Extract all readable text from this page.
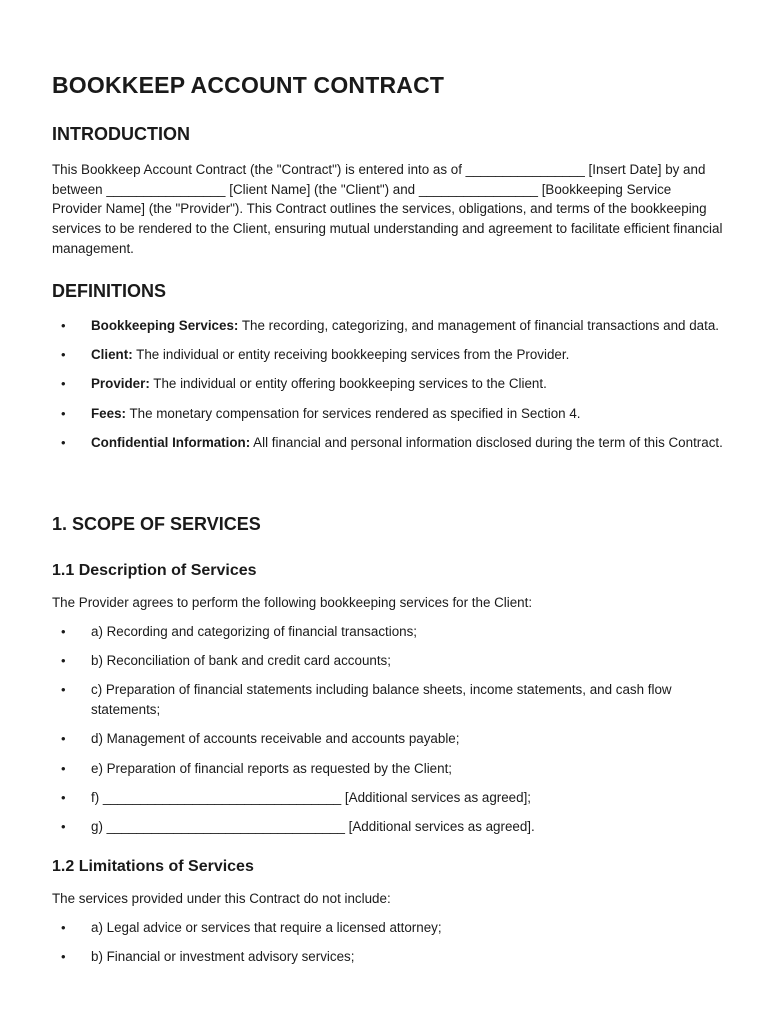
BOOKKEEP ACCOUNT CONTRACT
INTRODUCTION

This Bookkeep Account Contract (the "Contract") is entered into as of ________________ [Insert Date] by and between ________________ [Client Name] (the "Client") and ________________ [Bookkeeping Service Provider Name] (the "Provider"). This Contract outlines the services, obligations, and terms of the bookkeeping services to be rendered to the Client, ensuring mutual understanding and agreement to facilitate efficient financial management.

DEFINITIONS
• Bookkeeping Services: The recording, categorizing, and management of financial transactions and data.
• Client: The individual or entity receiving bookkeeping services from the Provider.
• Provider: The individual or entity offering bookkeeping services to the Client.
• Fees: The monetary compensation for services rendered as specified in Section 4.
• Confidential Information: All financial and personal information disclosed during the term of this Contract.
1. SCOPE OF SERVICES
1.1 Description of Services

The Provider agrees to perform the following bookkeeping services for the Client:

• a) Recording and categorizing of financial transactions;
• b) Reconciliation of bank and credit card accounts;
• c) Preparation of financial statements including balance sheets, income statements, and cash flow statements;
• d) Management of accounts receivable and accounts payable;
• e) Preparation of financial reports as requested by the Client;
• f) ________________________________ [Additional services as agreed];
• g) ________________________________ [Additional services as agreed].
1.2 Limitations of Services

The services provided under this Contract do not include:

• a) Legal advice or services that require a licensed attorney;
• b) Financial or investment advisory services;
